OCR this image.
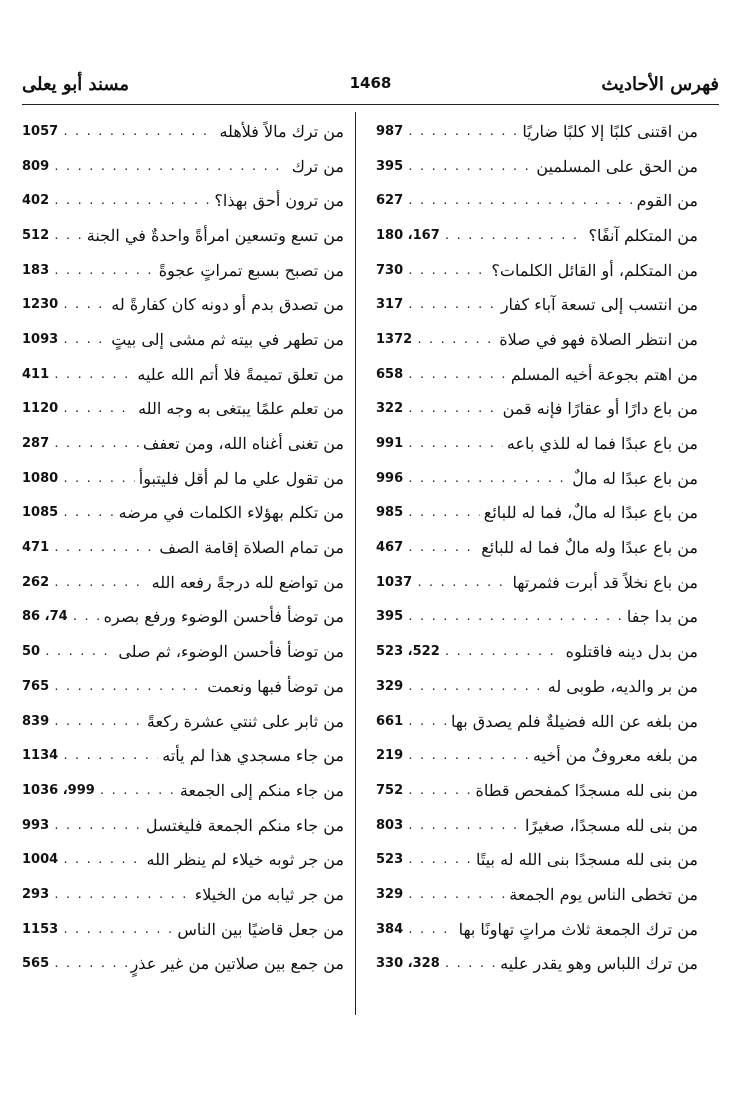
فهرس الأحاديث
1468
مسند أبو يعلى
من اقتنى كلبًا إلا كلبًا ضاريًا
.....
987
من الحق على المسلمين
.....
395
من القوم
.....
627
من المتكلم آنفًا؟
.....
167، 180
من المتكلم، أو القائل الكلمات؟
.....
730
من انتسب إلى تسعة آباء كفار
.....
317
من انتظر الصلاة فهو في صلاة
.....
1372
من اهتم بجوعة أخيه المسلم
.....
658
من باع دارًا أو عقارًا فإنه قمن
.....
322
من باع عبدًا فما له للذي باعه
.....
991
من باع عبدًا له مالٌ
.....
996
من باع عبدًا له مالٌ، فما له للبائع
.....
985
من باع عبدًا وله مالٌ فما له للبائع
.....
467
من باع نخلاً قد أبرت فثمرتها
.....
1037
من بدا جفا
.....
395
من بدل دينه فاقتلوه
.....
522، 523
من بر والديه، طوبى له
.....
329
من بلغه عن الله فضيلةٌ فلم يصدق بها
.....
661
من بلغه معروفٌ من أخيه
.....
219
من بنى لله مسجدًا كمفحص قطاة
.....
752
من بنى لله مسجدًا، صغيرًا
.....
803
من بنى لله مسجدًا بنى الله له بيتًا
.....
523
من تخطى الناس يوم الجمعة
.....
329
من ترك الجمعة ثلاث مراتٍ تهاونًا بها
.....
384
من ترك اللباس وهو يقدر عليه
.....
328، 330
من ترك مالاً فلأهله
.....
1057
من ترك
.....
809
من ترون أحق بهذا؟
.....
402
من تسع وتسعين امرأةً واحدةٌ في الجنة
.....
512
من تصبح بسبع تمراتٍ عجوةً
.....
183
من تصدق بدم أو دونه كان كفارةً له
.....
1230
من تطهر في بيته ثم مشى إلى بيتٍ
.....
1093
من تعلق تميمةً فلا أتم الله عليه
.....
411
من تعلم علمًا يبتغى به وجه الله
.....
1120
من تغنى أغناه الله، ومن تعفف
.....
287
من تقول علي ما لم أقل فليتبوأ
.....
1080
من تكلم بهؤلاء الكلمات في مرضه
.....
1085
من تمام الصلاة إقامة الصف
.....
471
من تواضع لله درجةً رفعه الله
.....
262
من توضأ فأحسن الوضوء ورفع بصره
.....
74، 86
من توضأ فأحسن الوضوء، ثم صلى
.....
50
من توضأ فبها ونعمت
.....
765
من ثابر على ثنتي عشرة ركعةً
.....
839
من جاء مسجدي هذا لم يأته
.....
1134
من جاء منكم إلى الجمعة
.....
999، 1036
من جاء منكم الجمعة فليغتسل
.....
993
من جر ثوبه خيلاء لم ينظر الله
.....
1004
من جر ثيابه من الخيلاء
.....
293
من جعل قاضيًا بين الناس
.....
1153
من جمع بين صلاتين من غير عذرٍ
.....
565
